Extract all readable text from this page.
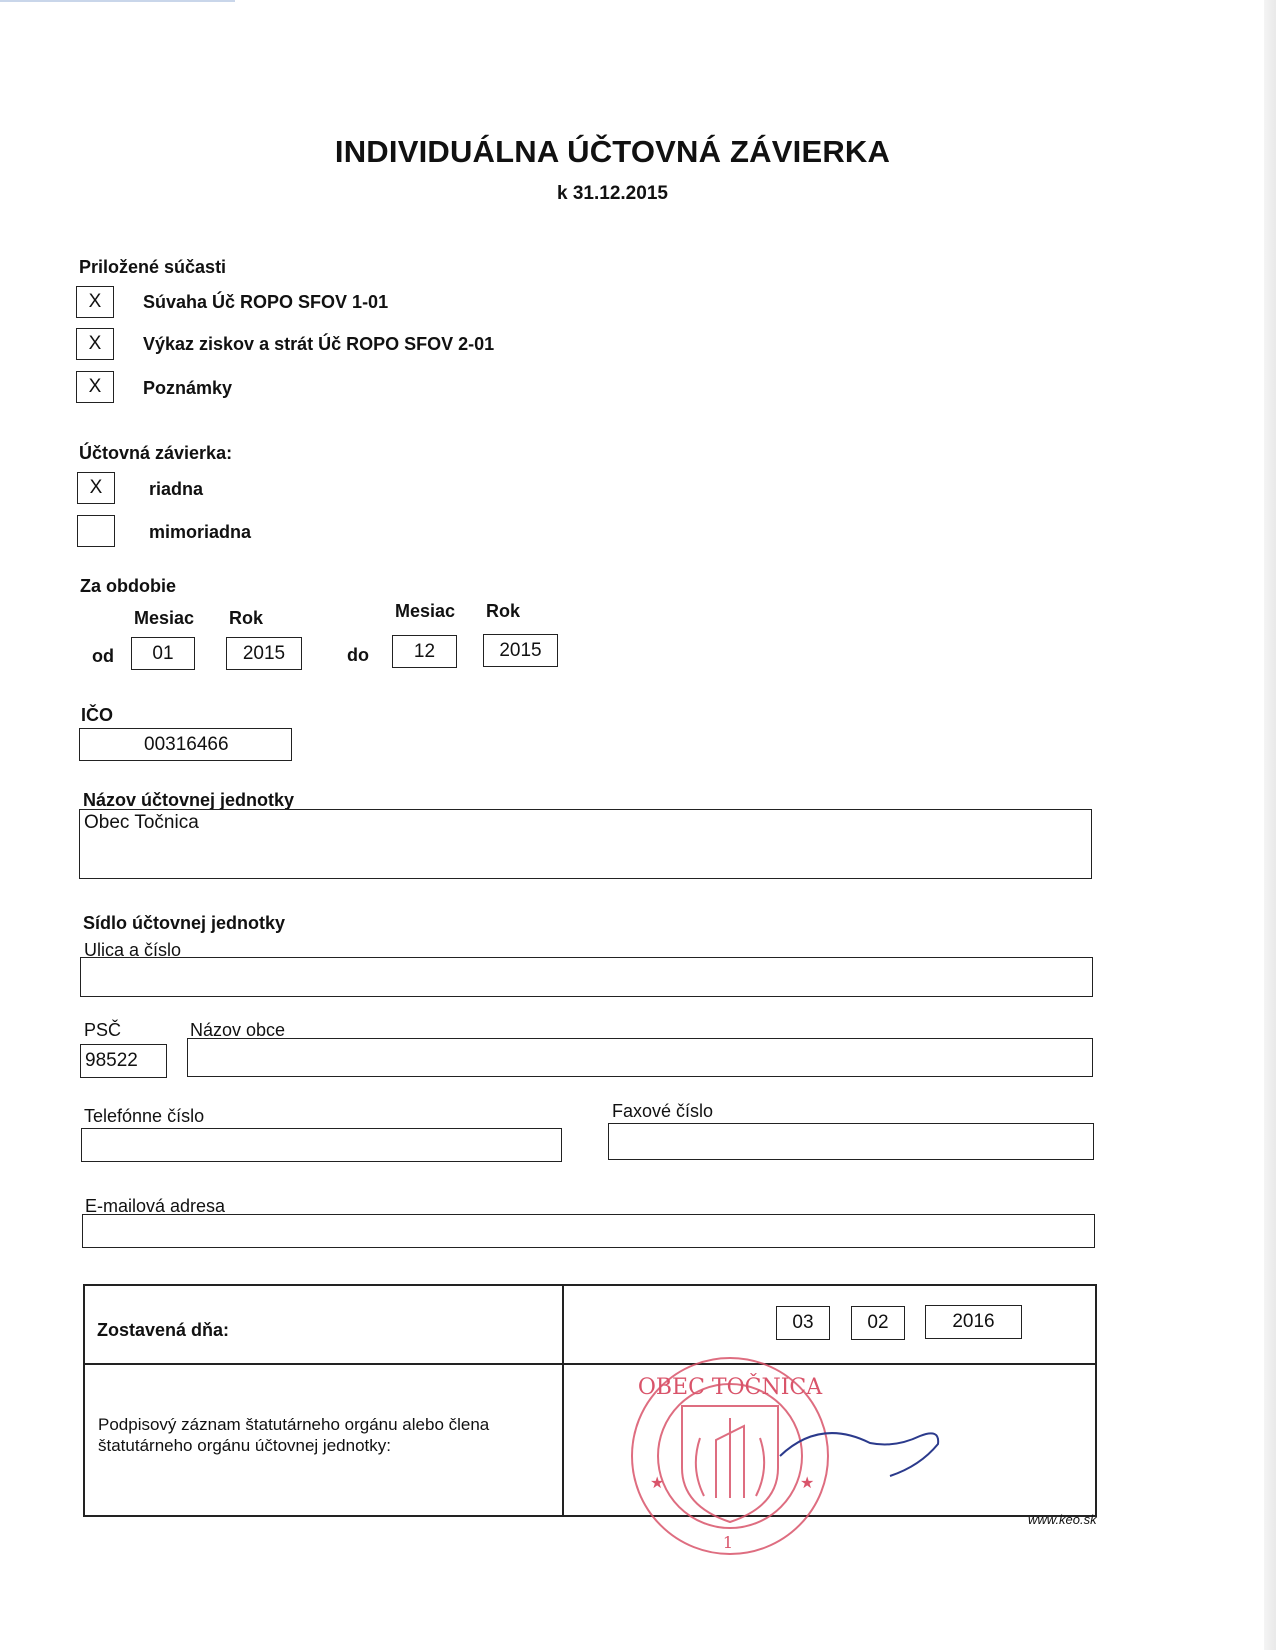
INDIVIDUÁLNA ÚČTOVNÁ ZÁVIERKA
k 31.12.2015
Priložené súčasti
X	Súvaha Úč ROPO SFOV 1-01
X	Výkaz ziskov a strát Úč ROPO SFOV 2-01
X	Poznámky
Účtovná závierka:
X	riadna
mimoriadna
Za obdobie
Mesiac Rok	Mesiac Rok
od	01	2015	do	12	2015
IČO
00316466
Názov účtovnej jednotky
Obec Točnica
Sídlo účtovnej jednotky
Ulica a číslo
PSČ	Názov obce
98522
Telefónne číslo	Faxové číslo
E-mailová adresa
Zostavená dňa:	03	02	2016
Podpisový záznam štatutárneho orgánu alebo člena
štatutárneho orgánu účtovnej jednotky:
★	★
OBEC TOČNICA
1
www.keo.sk
